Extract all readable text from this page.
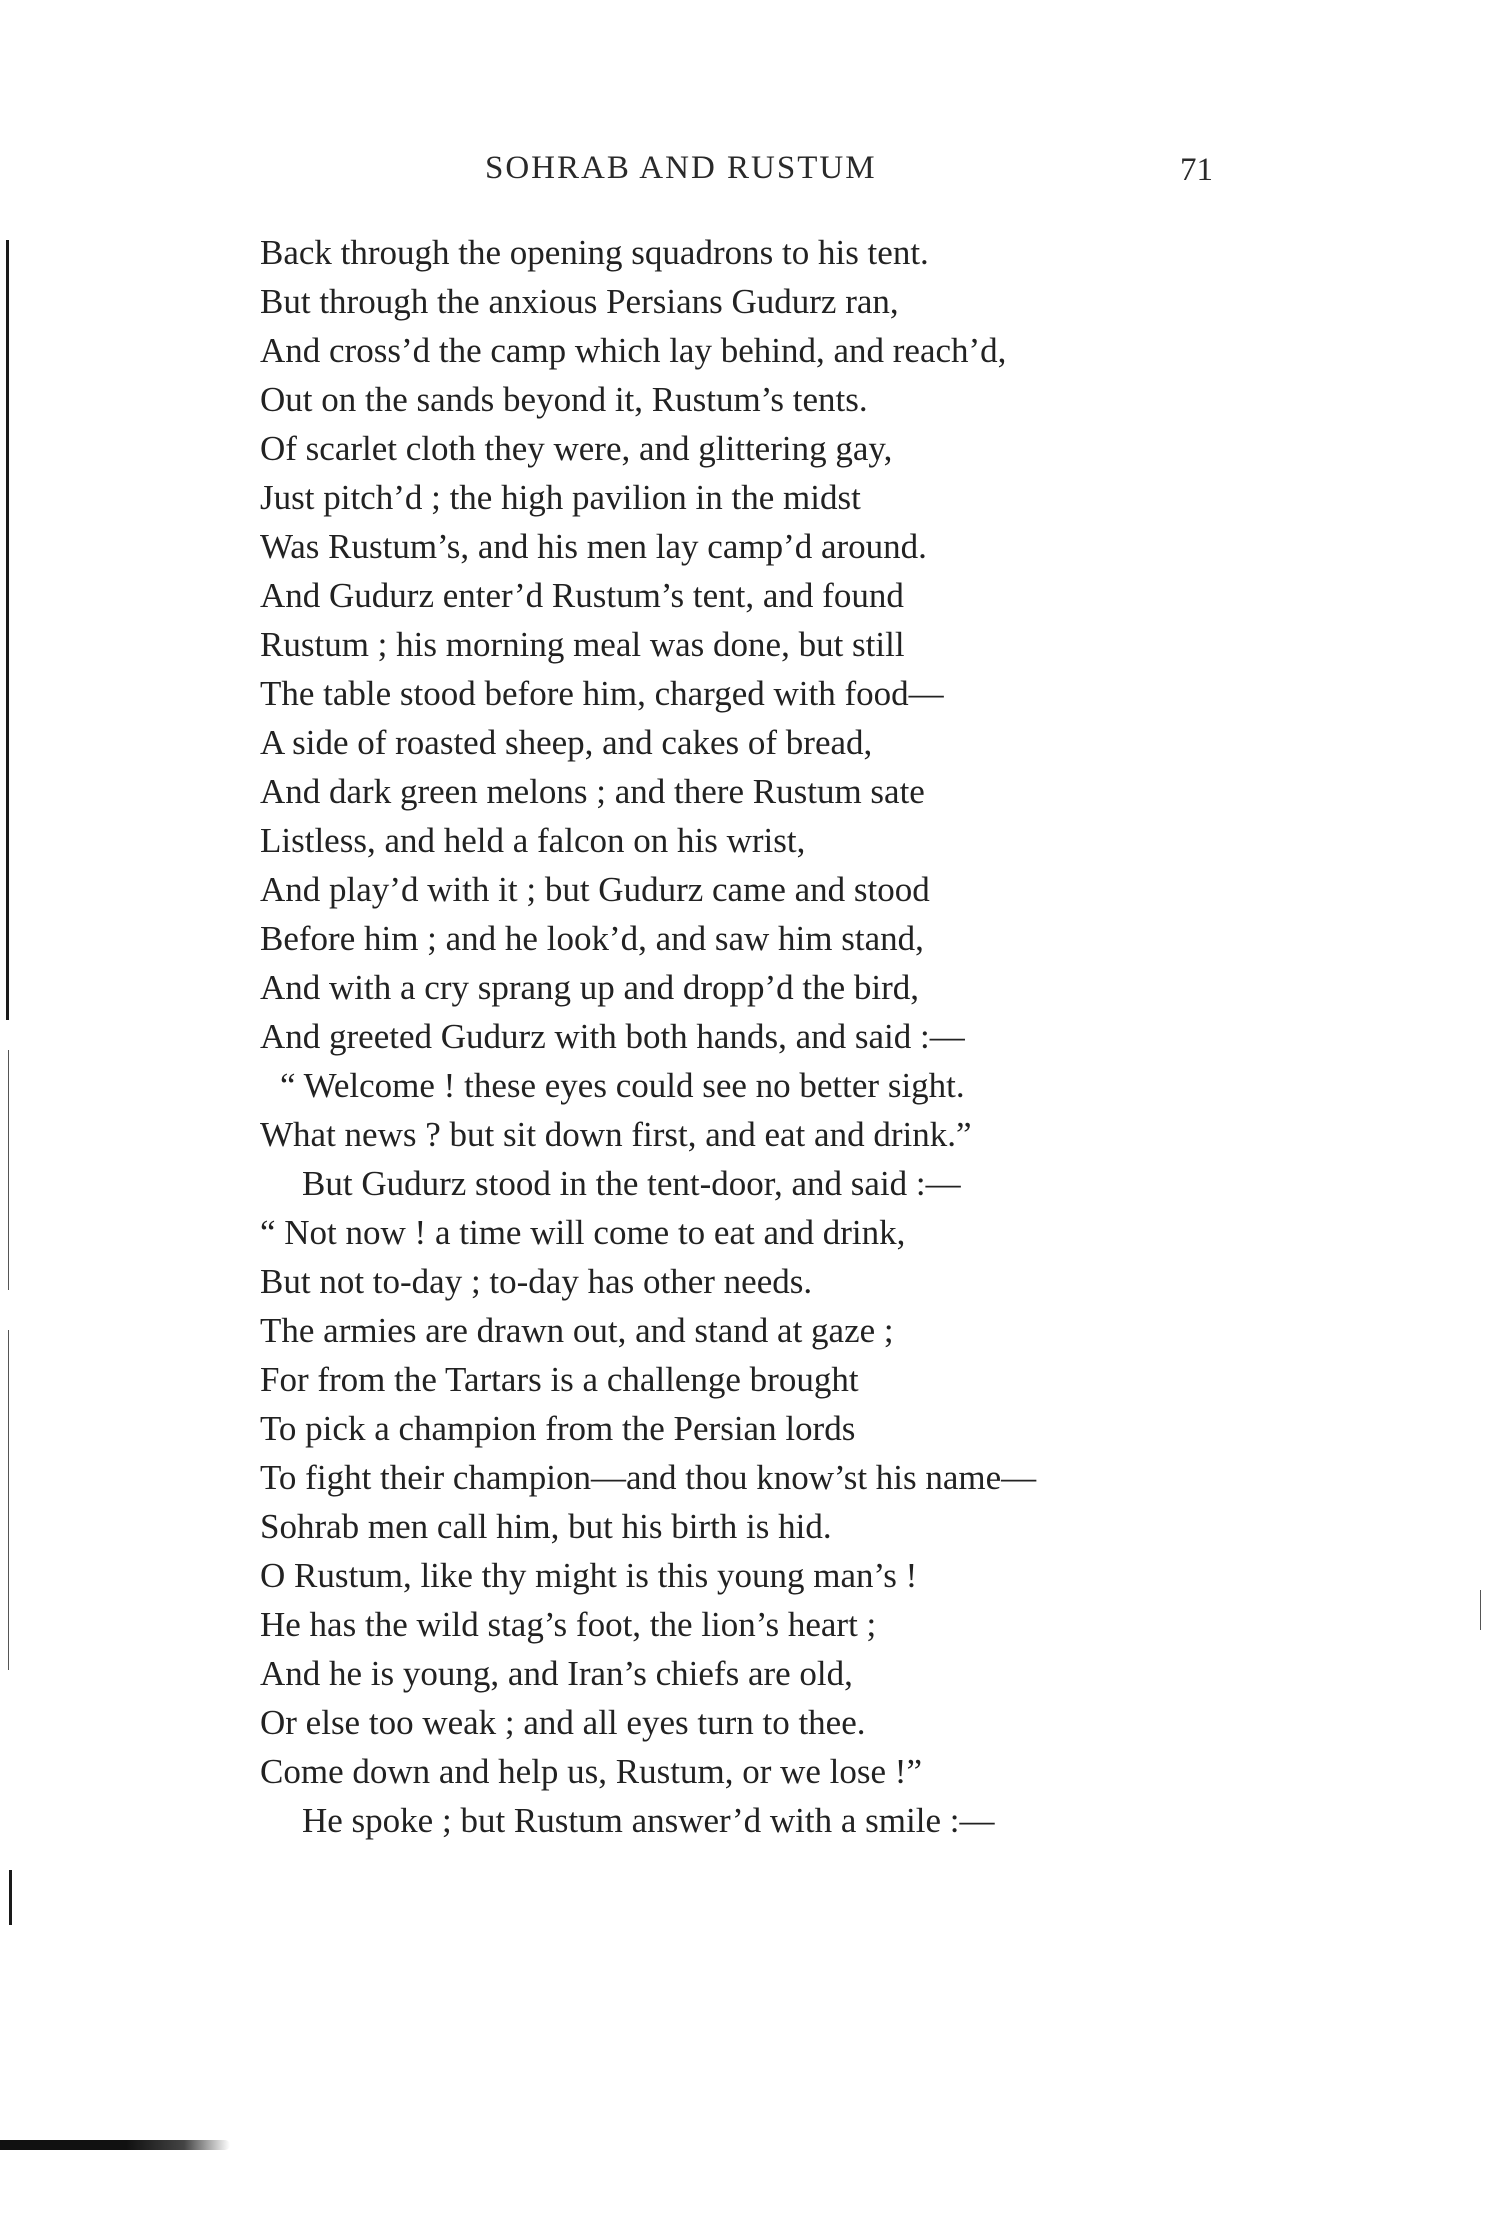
SOHRAB AND RUSTUM	71
Back through the opening squadrons to his tent.
But through the anxious Persians Gudurz ran,
And cross’d the camp which lay behind, and reach’d,
Out on the sands beyond it, Rustum’s tents.
Of scarlet cloth they were, and glittering gay,
Just pitch’d ; the high pavilion in the midst
Was Rustum’s, and his men lay camp’d around.
And Gudurz enter’d Rustum’s tent, and found
Rustum ; his morning meal was done, but still
The table stood before him, charged with food—
A side of roasted sheep, and cakes of bread,
And dark green melons ; and there Rustum sate
Listless, and held a falcon on his wrist,
And play’d with it ; but Gudurz came and stood
Before him ; and he look’d, and saw him stand,
And with a cry sprang up and dropp’d the bird,
And greeted Gudurz with both hands, and said :—
“ Welcome ! these eyes could see no better sight.
What news ? but sit down first, and eat and drink.”
But Gudurz stood in the tent-door, and said :—
“ Not now ! a time will come to eat and drink,
But not to-day ; to-day has other needs.
The armies are drawn out, and stand at gaze ;
For from the Tartars is a challenge brought
To pick a champion from the Persian lords
To fight their champion—and thou know’st his name—
Sohrab men call him, but his birth is hid.
O Rustum, like thy might is this young man’s !
He has the wild stag’s foot, the lion’s heart ;
And he is young, and Iran’s chiefs are old,
Or else too weak ; and all eyes turn to thee.
Come down and help us, Rustum, or we lose !”
He spoke ; but Rustum answer’d with a smile :—
